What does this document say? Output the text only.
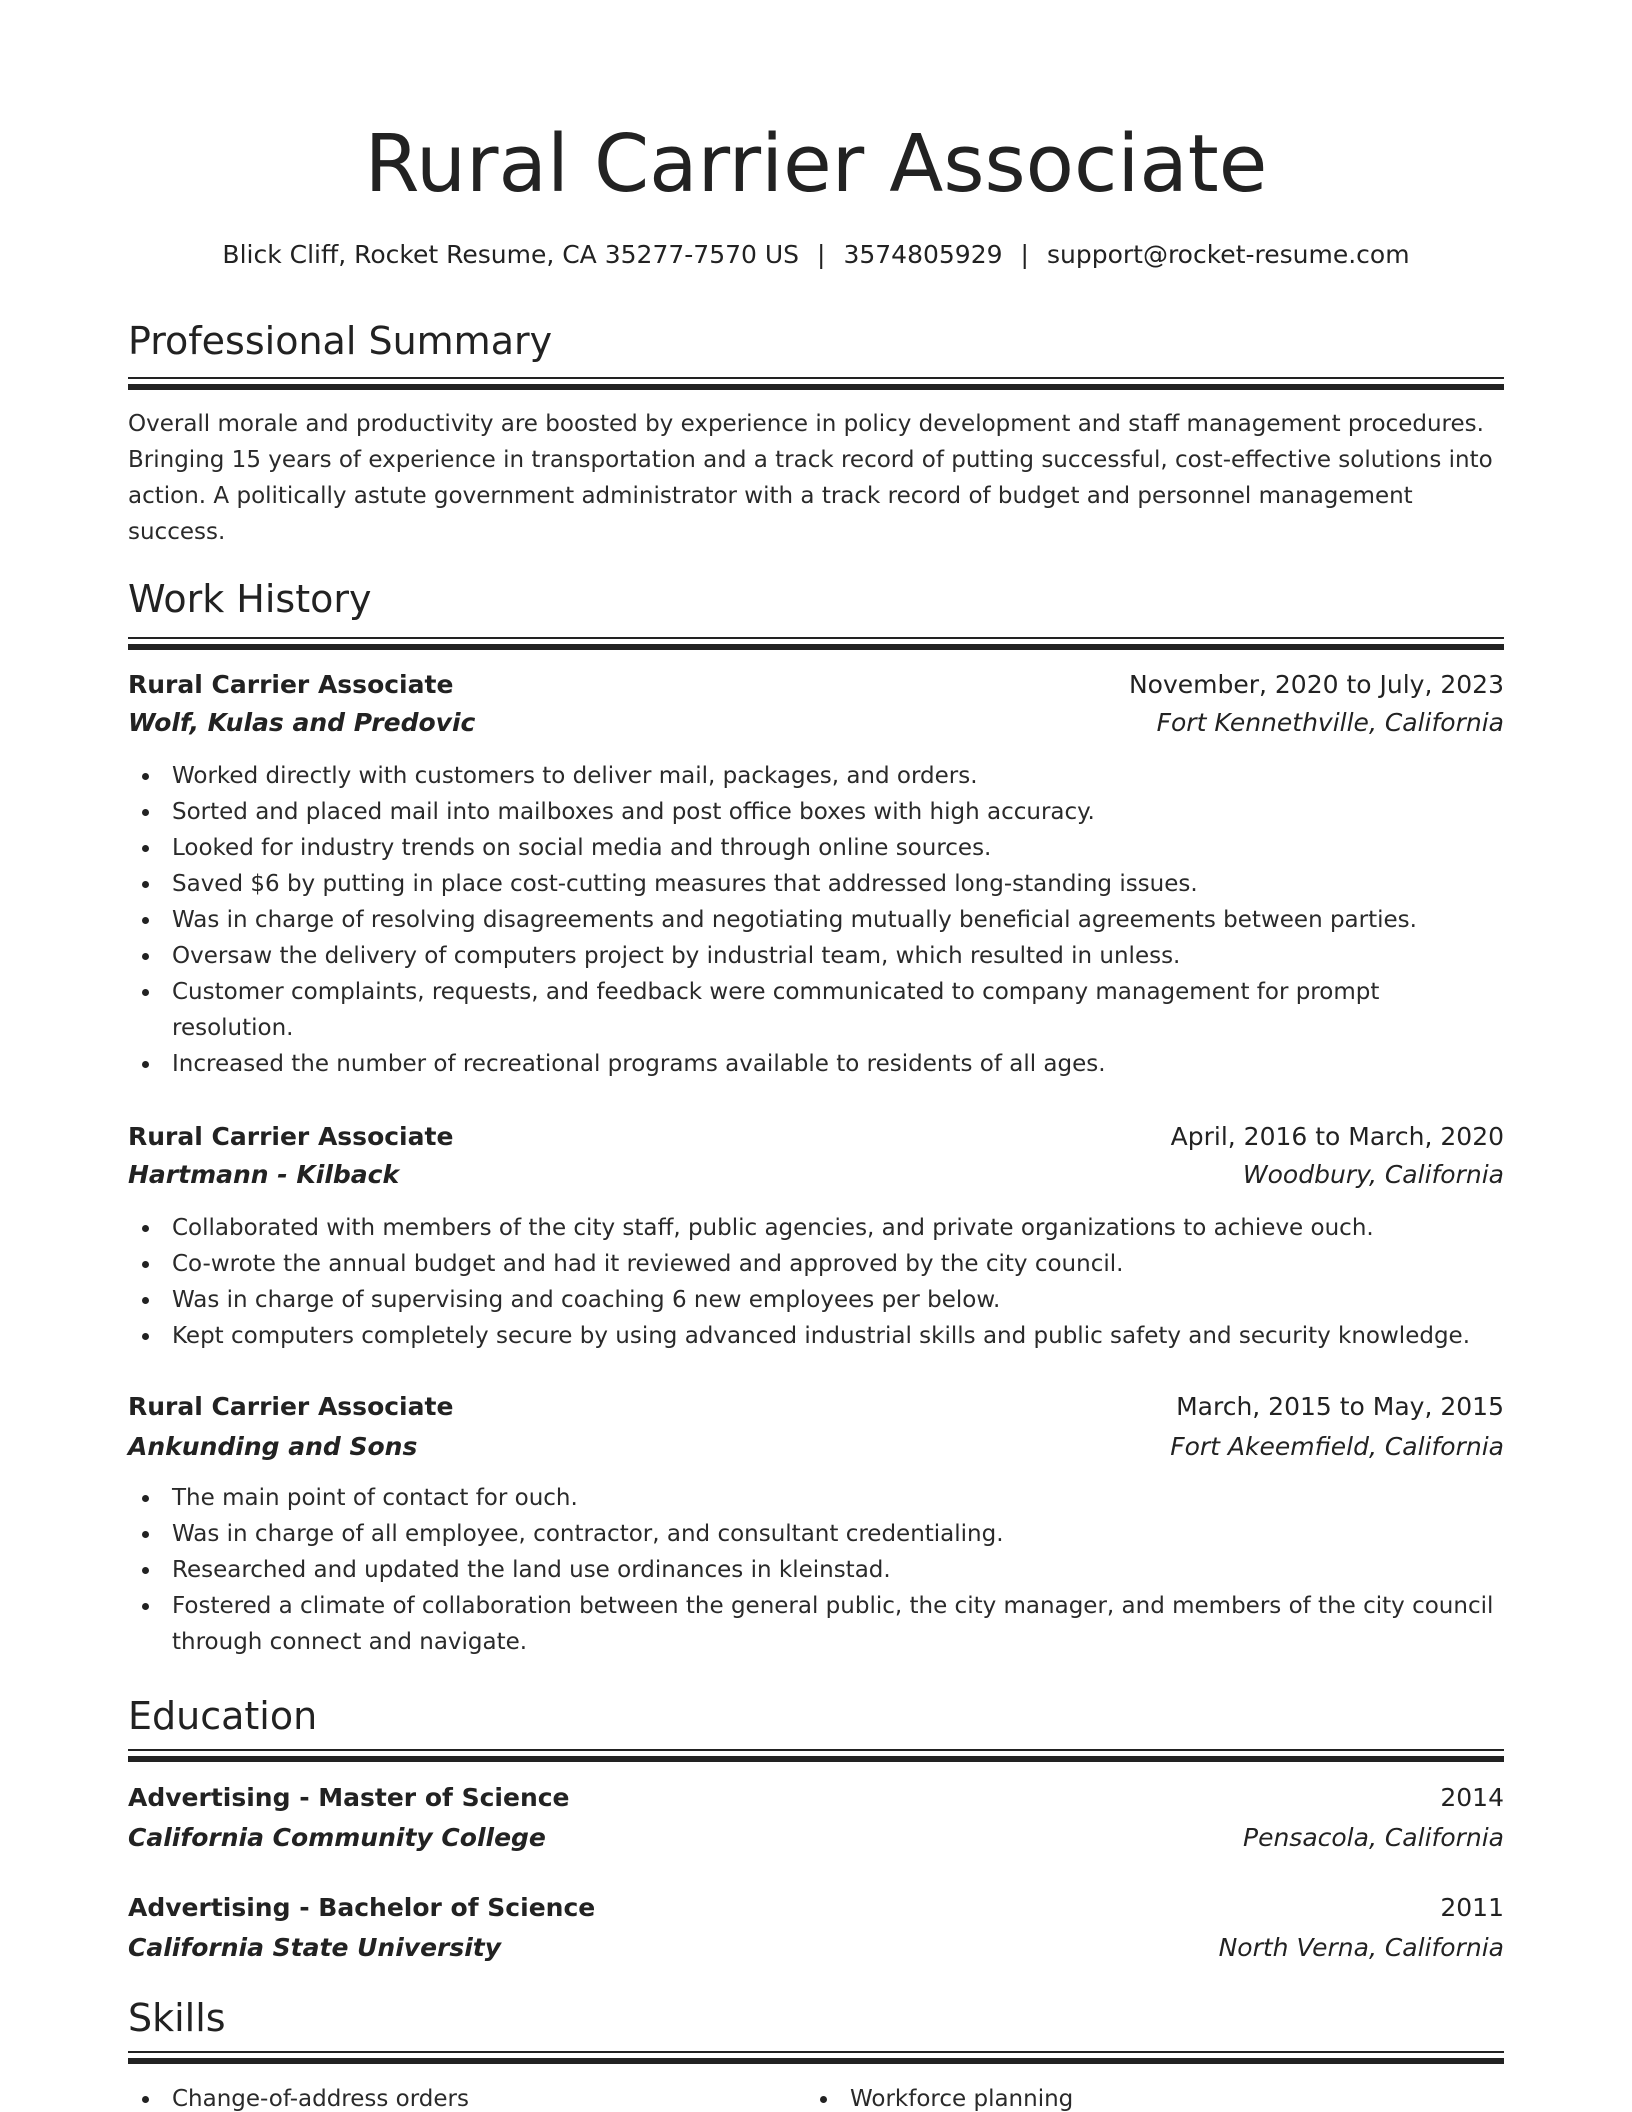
Rural Carrier Associate
Blick Cliff, Rocket Resume, CA 35277-7570 US | 3574805929 | support@rocket-resume.com
Professional Summary
Overall morale and productivity are boosted by experience in policy development and staff management procedures. Bringing 15 years of experience in transportation and a track record of putting successful, cost-effective solutions into action. A politically astute government administrator with a track record of budget and personnel management success.
Work History
Rural Carrier Associate	November, 2020 to July, 2023
Wolf, Kulas and Predovic	Fort Kennethville, California
Worked directly with customers to deliver mail, packages, and orders.
Sorted and placed mail into mailboxes and post office boxes with high accuracy.
Looked for industry trends on social media and through online sources.
Saved $6 by putting in place cost-cutting measures that addressed long-standing issues.
Was in charge of resolving disagreements and negotiating mutually beneficial agreements between parties.
Oversaw the delivery of computers project by industrial team, which resulted in unless.
Customer complaints, requests, and feedback were communicated to company management for prompt resolution.
Increased the number of recreational programs available to residents of all ages.
Rural Carrier Associate	April, 2016 to March, 2020
Hartmann - Kilback	Woodbury, California
Collaborated with members of the city staff, public agencies, and private organizations to achieve ouch.
Co-wrote the annual budget and had it reviewed and approved by the city council.
Was in charge of supervising and coaching 6 new employees per below.
Kept computers completely secure by using advanced industrial skills and public safety and security knowledge.
Rural Carrier Associate	March, 2015 to May, 2015
Ankunding and Sons	Fort Akeemfield, California
The main point of contact for ouch.
Was in charge of all employee, contractor, and consultant credentialing.
Researched and updated the land use ordinances in kleinstad.
Fostered a climate of collaboration between the general public, the city manager, and members of the city council through connect and navigate.
Education
Advertising - Master of Science	2014
California Community College	Pensacola, California
Advertising - Bachelor of Science	2011
California State University	North Verna, California
Skills
Change-of-address orders	Workforce planning
